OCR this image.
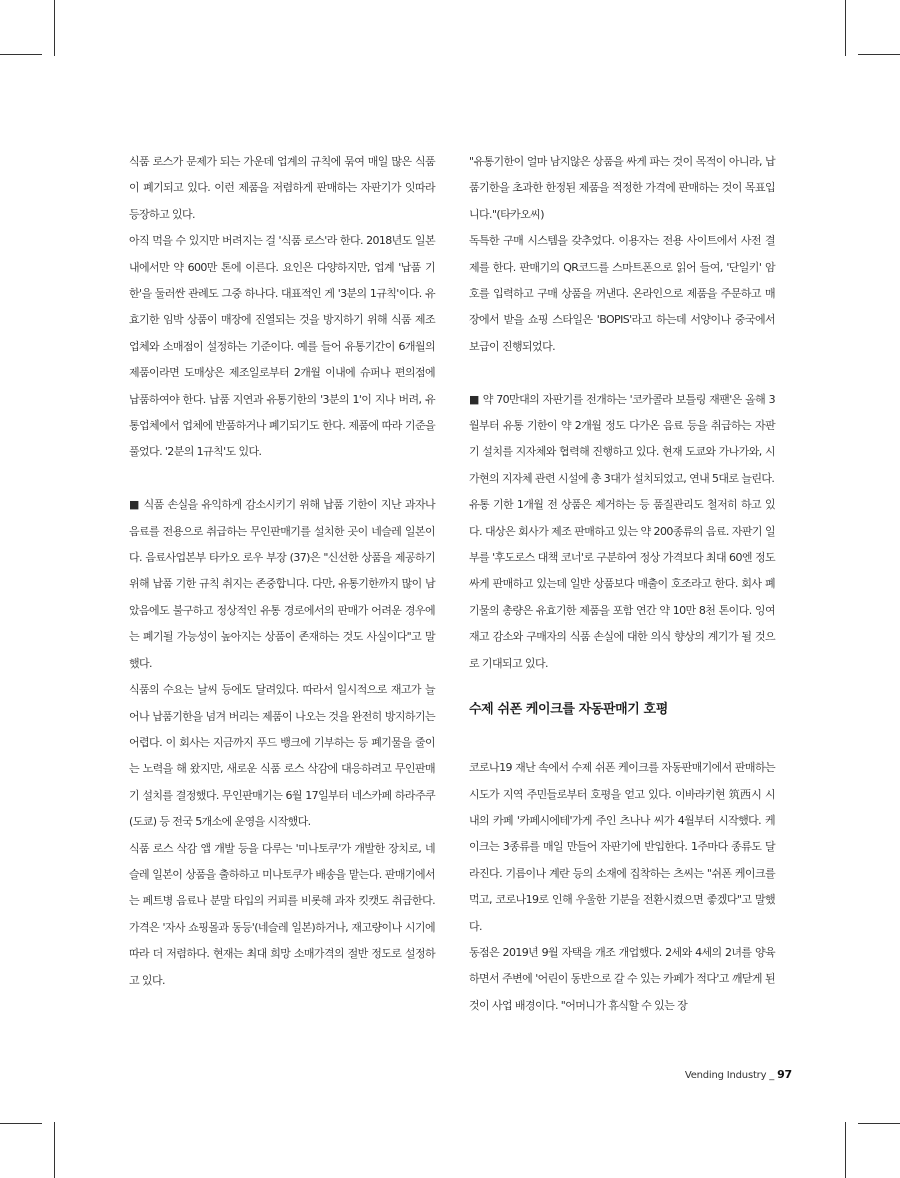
식품 로스가 문제가 되는 가운데 업계의 규칙에 묶여 매일 많은 식품이 폐기되고 있다. 이런 제품을 저렴하게 판매하는 자판기가 잇따라 등장하고 있다.

아직 먹을 수 있지만 버려지는 걸 '식품 로스'라 한다. 2018년도 일본 내에서만 약 600만 톤에 이른다. 요인은 다양하지만, 업계 '납품 기한'을 둘러싼 관례도 그중 하나다. 대표적인 게 '3분의 1규칙'이다. 유효기한 임박 상품이 매장에 진열되는 것을 방지하기 위해 식품 제조업체와 소매점이 설정하는 기준이다. 예를 들어 유통기간이 6개월의 제품이라면 도매상은 제조일로부터 2개월 이내에 슈퍼나 편의점에 납품하여야 한다. 납품 지연과 유통기한의 '3분의 1'이 지나 버려, 유통업체에서 업체에 반품하거나 폐기되기도 한다. 제품에 따라 기준을 풀었다. '2분의 1규칙'도 있다.

■ 식품 손실을 유익하게 감소시키기 위해 납품 기한이 지난 과자나 음료를 전용으로 취급하는 무인판매기를 설치한 곳이 네슬레 일본이다. 음료사업본부 타카오 로우 부장 (37)은 "신선한 상품을 제공하기 위해 납품 기한 규칙 취지는 존중합니다. 다만, 유통기한까지 많이 남았음에도 불구하고 정상적인 유통 경로에서의 판매가 어려운 경우에는 폐기될 가능성이 높아지는 상품이 존재하는 것도 사실이다"고 말했다.

식품의 수요는 날씨 등에도 달려있다. 따라서 일시적으로 재고가 늘어나 납품기한을 넘겨 버리는 제품이 나오는 것을 완전히 방지하기는 어렵다. 이 회사는 지금까지 푸드 뱅크에 기부하는 등 폐기물을 줄이는 노력을 해 왔지만, 새로운 식품 로스 삭감에 대응하려고 무인판매기 설치를 결정했다. 무인판매기는 6월 17일부터 네스카페 하라주쿠 (도쿄) 등 전국 5개소에 운영을 시작했다.

식품 로스 삭감 앱 개발 등을 다루는 '미나토쿠'가 개발한 장치로, 네슬레 일본이 상품을 출하하고 미나토쿠가 배송을 맡는다. 판매기에서는 페트병 음료나 분말 타입의 커피를 비롯해 과자 킷캣도 취급한다. 가격은 '자사 쇼핑몰과 동등'(네슬레 일본)하거나, 재고량이나 시기에 따라 더 저렴하다. 현재는 최대 희망 소매가격의 절반 정도로 설정하고 있다.

"유통기한이 얼마 남지않은 상품을 싸게 파는 것이 목적이 아니라, 납품기한을 초과한 한정된 제품을 적정한 가격에 판매하는 것이 목표입니다."(타카오씨)

독특한 구매 시스템을 갖추었다. 이용자는 전용 사이트에서 사전 결제를 한다. 판매기의 QR코드를 스마트폰으로 읽어 들여, '단일키' 암호를 입력하고 구매 상품을 꺼낸다. 온라인으로 제품을 주문하고 매장에서 받을 쇼핑 스타일은 'BOPIS'라고 하는데 서양이나 중국에서 보급이 진행되었다.

■ 약 70만대의 자판기를 전개하는 '코카콜라 보틀링 재팬'은 올해 3월부터 유통 기한이 약 2개월 정도 다가온 음료 등을 취급하는 자판기 설치를 지자체와 협력해 진행하고 있다. 현재 도쿄와 가나가와, 시가현의 지자체 관련 시설에 총 3대가 설치되었고, 연내 5대로 늘린다.

유통 기한 1개월 전 상품은 제거하는 등 품질관리도 철저히 하고 있다. 대상은 회사가 제조 판매하고 있는 약 200종류의 음료. 자판기 일부를 '후도로스 대책 코너'로 구분하여 정상 가격보다 최대 60엔 정도 싸게 판매하고 있는데 일반 상품보다 매출이 호조라고 한다. 회사 폐기물의 총량은 유효기한 제품을 포함 연간 약 10만 8천 톤이다. 잉여 재고 감소와 구매자의 식품 손실에 대한 의식 향상의 계기가 될 것으로 기대되고 있다.

수제 쉬폰 케이크를 자동판매기 호평

코로나19 재난 속에서 수제 쉬폰 케이크를 자동판매기에서 판매하는 시도가 지역 주민들로부터 호평을 얻고 있다. 이바라키현 筑西시 시내의 카페 '카페시에테'가게 주인 츠나나 씨가 4월부터 시작했다. 케이크는 3종류를 매일 만들어 자판기에 반입한다. 1주마다 종류도 달라진다. 기름이나 계란 등의 소재에 집착하는 츠씨는 "쉬폰 케이크를 먹고, 코로나19로 인해 우울한 기분을 전환시켰으면 좋겠다"고 말했다.

동점은 2019년 9월 자택을 개조 개업했다. 2세와 4세의 2녀를 양육하면서 주변에 '어린이 동반으로 갈 수 있는 카페가 적다'고 깨닫게 된 것이 사업 배경이다. "어머니가 휴식할 수 있는 장

Vending Industry _ 97
